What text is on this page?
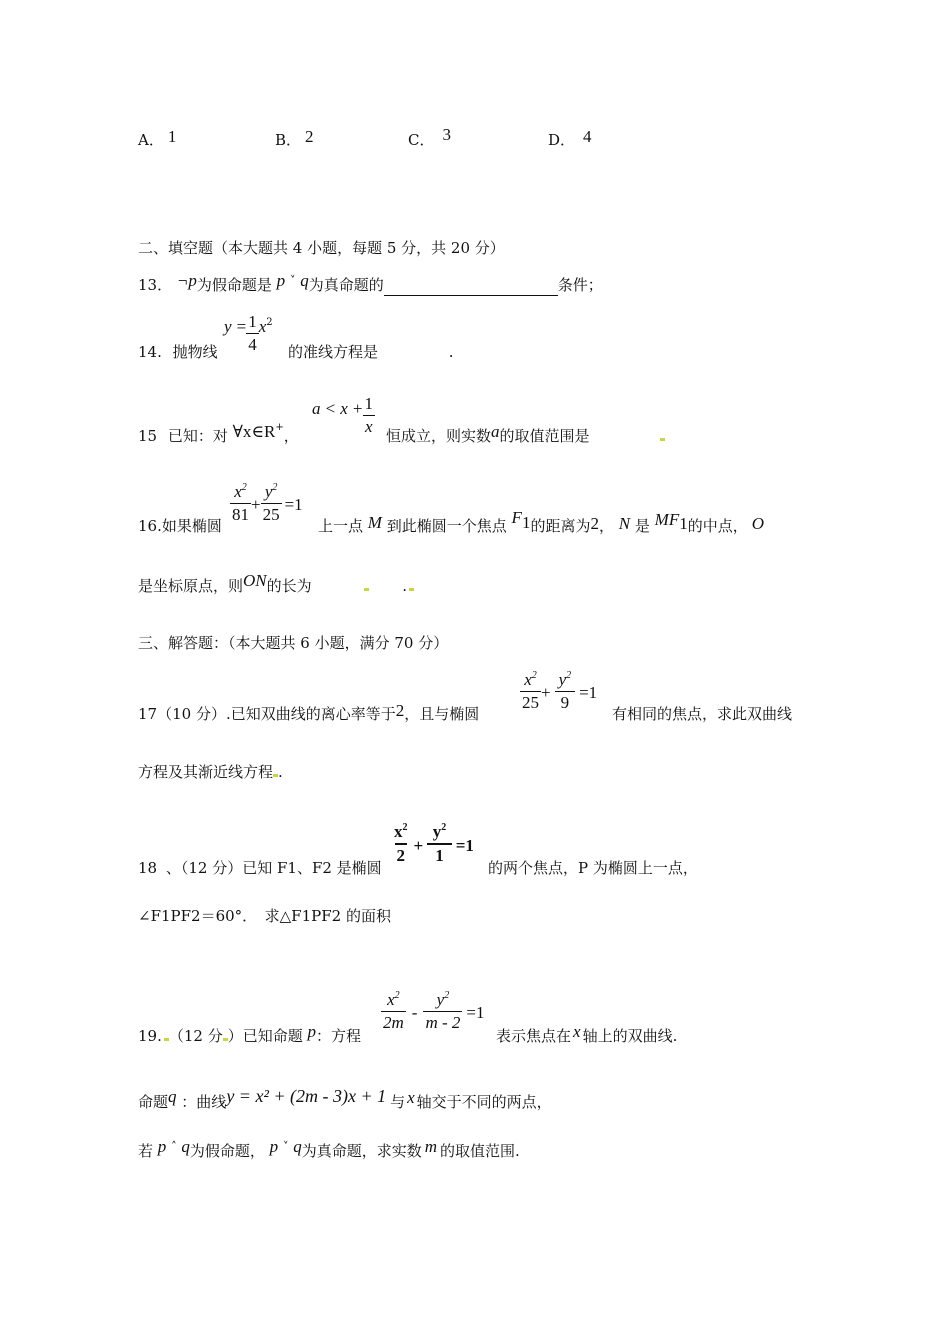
A． 1	B． 2	C． 3	D． 4
二、填空题（本大题共 4 小题，每题 5 分，共 20 分）
13． ¬p为假命题是 p ˅ q为真命题的	条件；
14. 抛物线
$y = \frac{1}{4} x^2$
的准线方程是	.
15 已知：对 ∀x∈R+，
$a < x + \frac{1}{x}$ 恒成立，则实数a的取值范围是
16.如果椭圆
$\frac{x^2}{81} + \frac{y^2}{25} =1$
上一点 M 到此椭圆一个焦点 $F_1$的距离为2， N 是 $MF_1$的中点， O
是坐标原点，则ON的长为	.
三、解答题：（本大题共 6 小题，满分 70 分）
17（10 分）.已知双曲线的离心率等于2，且与椭圆
$\frac{x^2}{25} + \frac{y^2}{9} =1$
有相同的焦点，求此双曲线
方程及其渐近线方程 .
18 、（12 分）已知 F1、F2 是椭圆
$\frac{x^2}{2} + \frac{y^2}{1} =1$
的两个焦点，P 为椭圆上一点，
∠F1PF2＝60°．　求△F1PF2 的面积
19. （12 分 ）已知命题 p：方程
$\frac{x^2}{2m} - \frac{y^2}{m - 2} =1$
表示焦点在 x 轴上的双曲线.
命题q ：曲线y = x² + (2m - 3)x + 1 与 x 轴交于不同的两点，
若 p ˄ q为假命题， p ˅ q为真命题，求实数 m 的取值范围.
